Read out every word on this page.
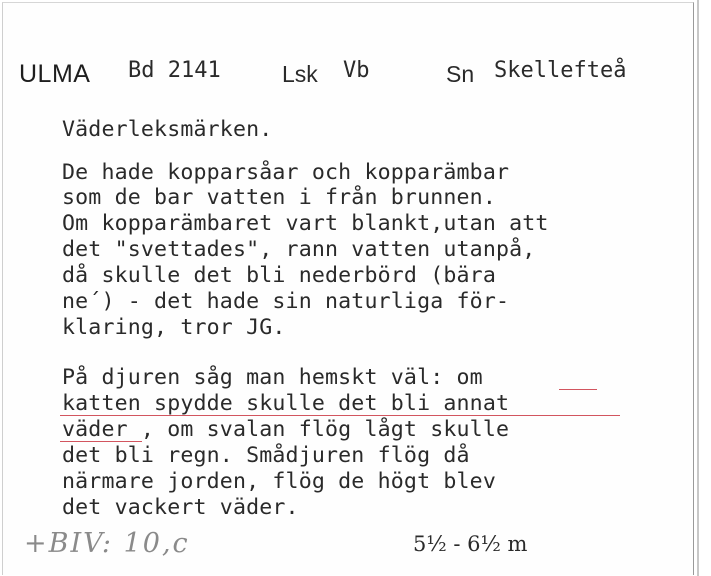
ULMA Bd 2141	Lsk Vb	Sn Skellefteå
Väderleksmärken.
De hade kopparsåar och kopparämbar
som de bar vatten i från brunnen.
Om kopparämbaret vart blankt,utan att
det "svettades", rann vatten utanpå,
då skulle det bli nederbörd (bära
ne´) - det hade sin naturliga för-
klaring, tror JG.
På djuren såg man hemskt väl: om
katten spydde skulle det bli annat
väder , om svalan flög lågt skulle
det bli regn. Smådjuren flög då
närmare jorden, flög de högt blev
det vackert väder.
+BIV: 10,c	5½ - 6½ m
